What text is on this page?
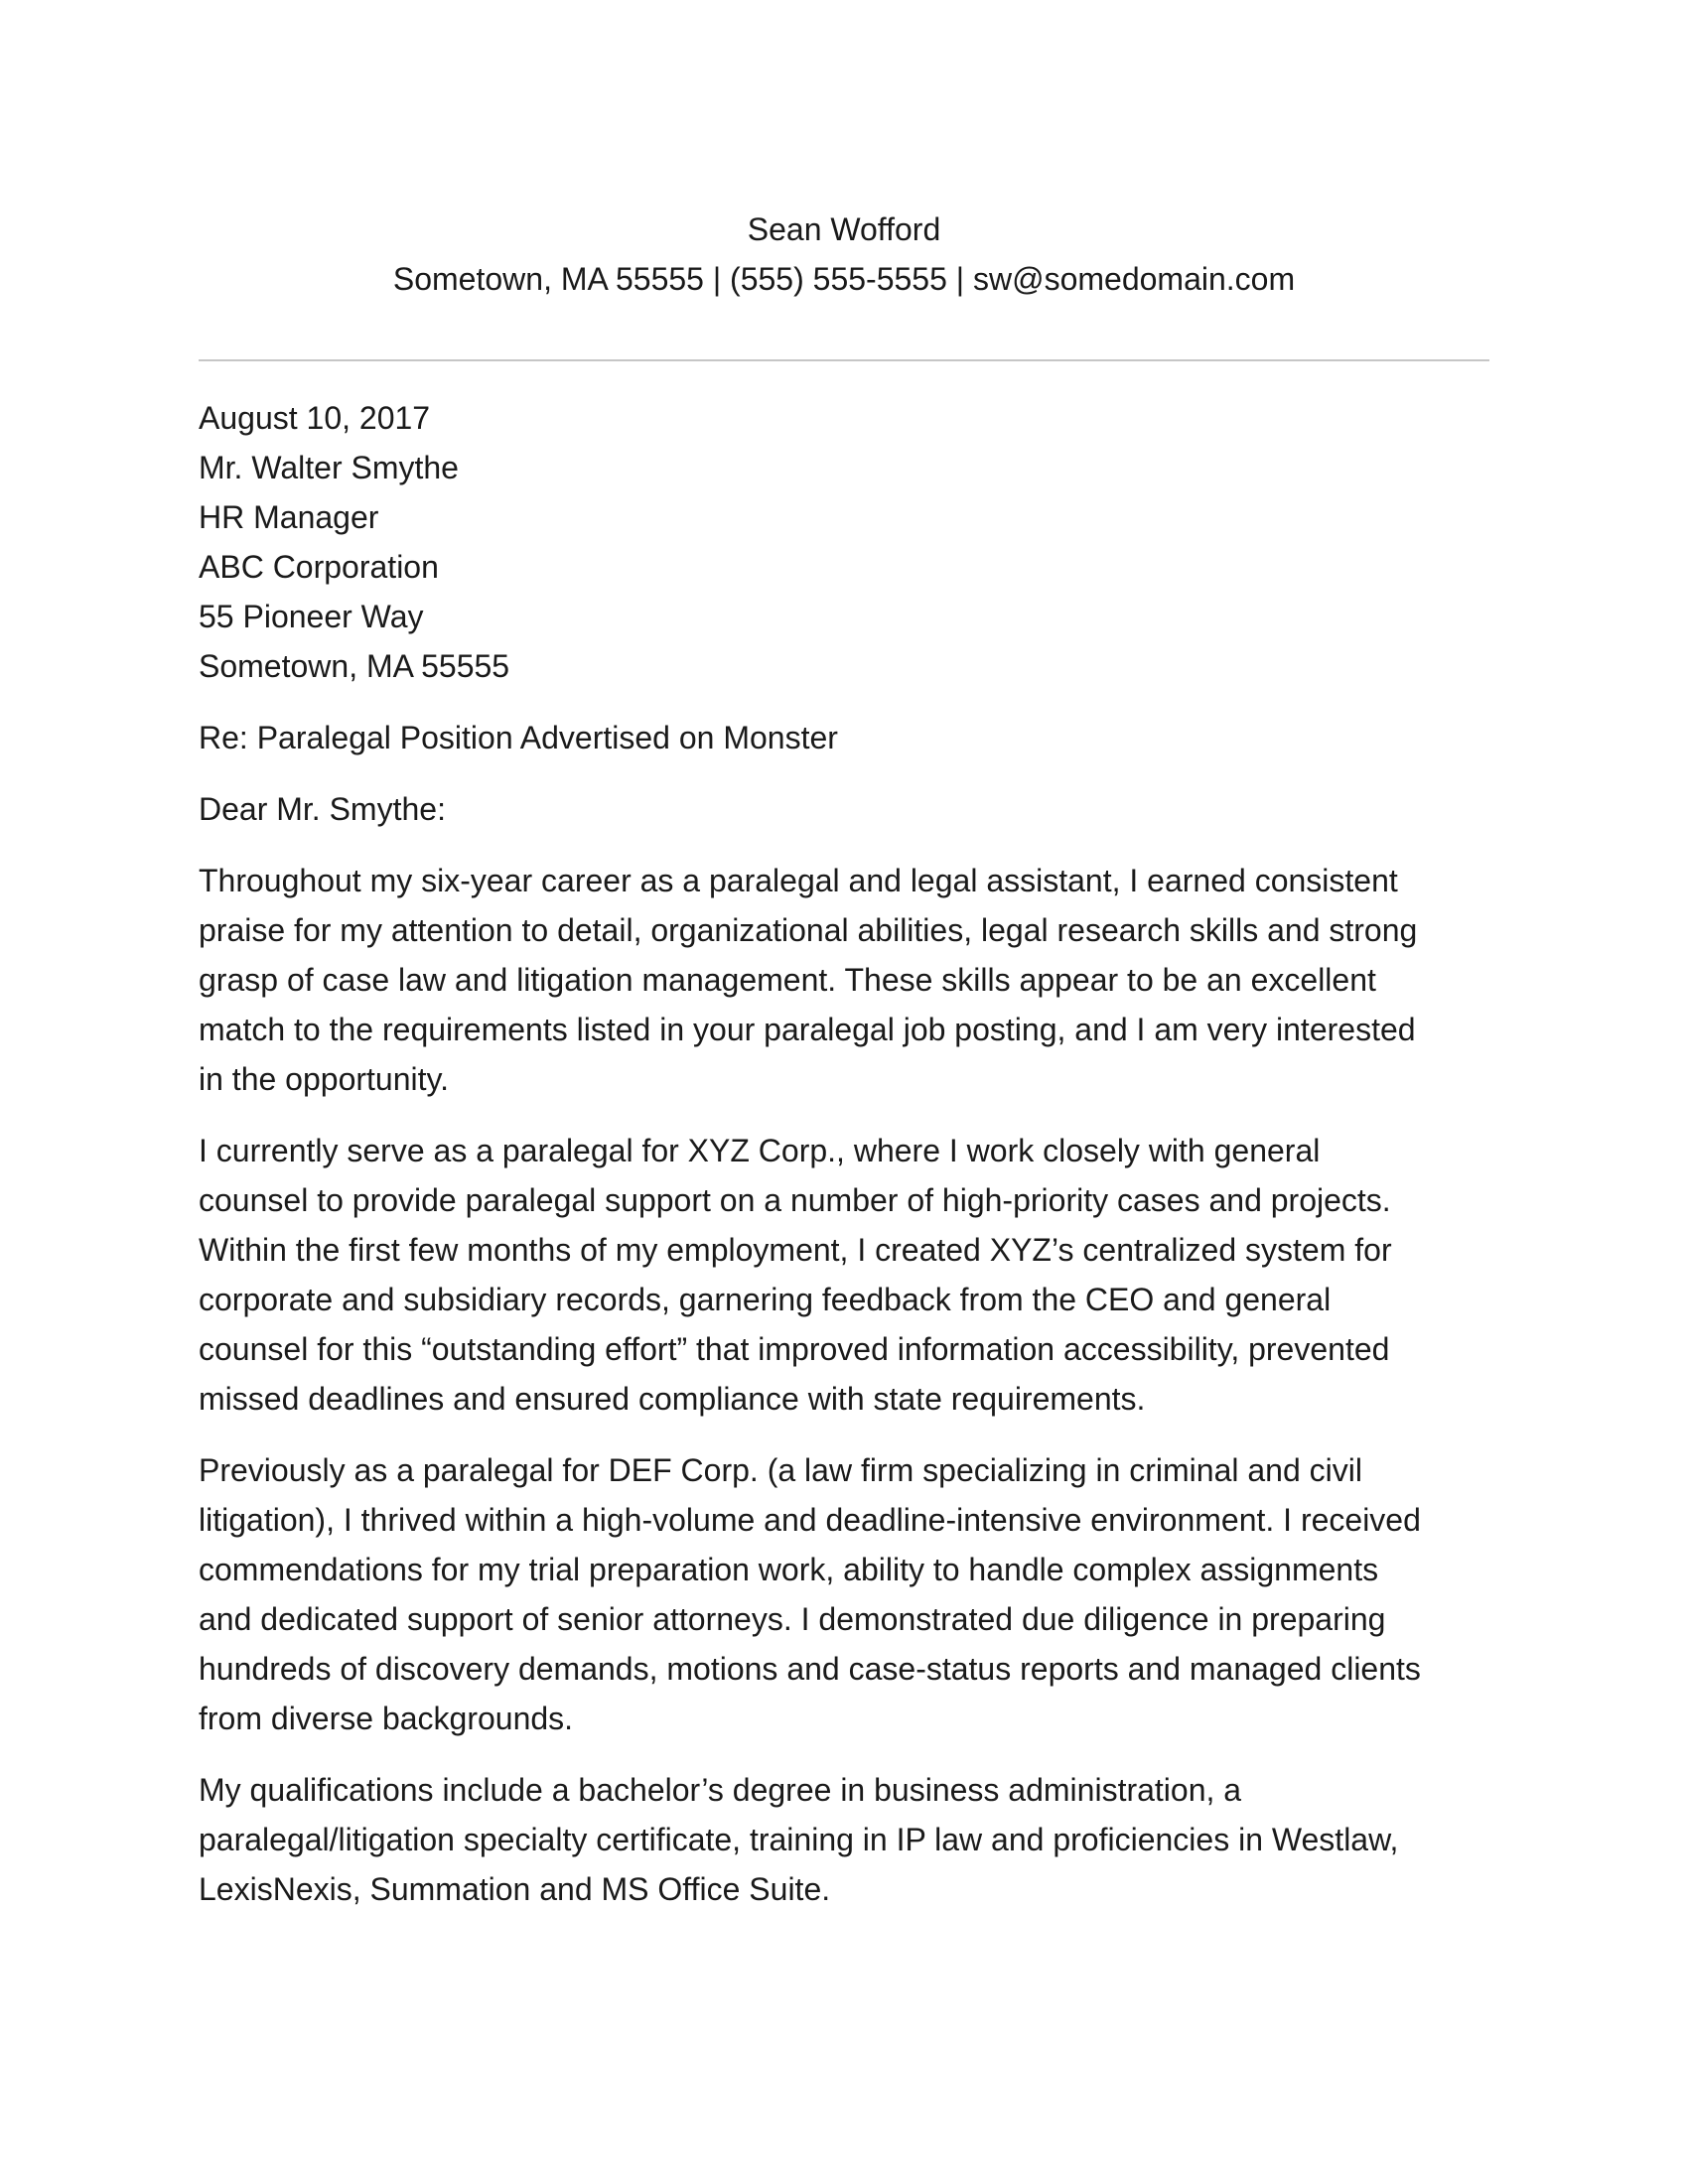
Sean Wofford
Sometown, MA 55555 | (555) 555-5555 | sw@somedomain.com
August 10, 2017
Mr. Walter Smythe
HR Manager
ABC Corporation
55 Pioneer Way
Sometown, MA 55555
Re: Paralegal Position Advertised on Monster
Dear Mr. Smythe:
Throughout my six-year career as a paralegal and legal assistant, I earned consistent
praise for my attention to detail, organizational abilities, legal research skills and strong
grasp of case law and litigation management. These skills appear to be an excellent
match to the requirements listed in your paralegal job posting, and I am very interested
in the opportunity.
I currently serve as a paralegal for XYZ Corp., where I work closely with general
counsel to provide paralegal support on a number of high-priority cases and projects.
Within the first few months of my employment, I created XYZ’s centralized system for
corporate and subsidiary records, garnering feedback from the CEO and general
counsel for this “outstanding effort” that improved information accessibility, prevented
missed deadlines and ensured compliance with state requirements.
Previously as a paralegal for DEF Corp. (a law firm specializing in criminal and civil
litigation), I thrived within a high-volume and deadline-intensive environment. I received
commendations for my trial preparation work, ability to handle complex assignments
and dedicated support of senior attorneys. I demonstrated due diligence in preparing
hundreds of discovery demands, motions and case-status reports and managed clients
from diverse backgrounds.
My qualifications include a bachelor’s degree in business administration, a
paralegal/litigation specialty certificate, training in IP law and proficiencies in Westlaw,
LexisNexis, Summation and MS Office Suite.
